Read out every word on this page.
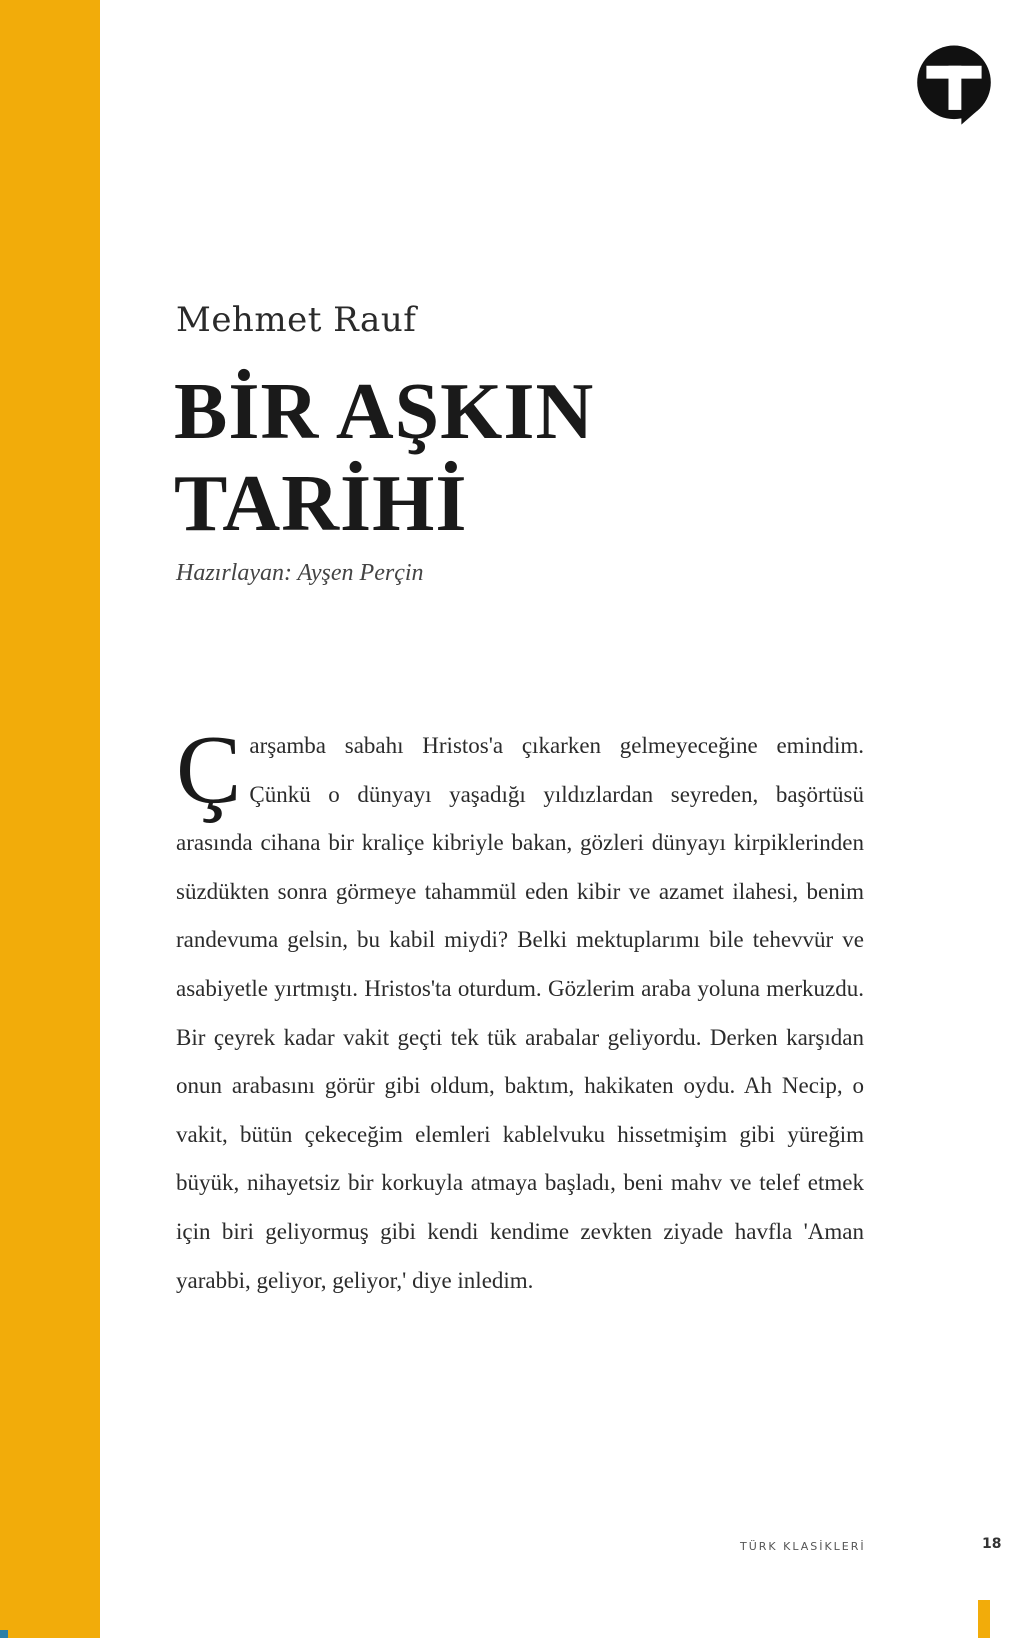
Mehmet Rauf

BİR AŞKIN
TARİHİ

Hazırlayan: Ayşen Perçin

Çarşamba sabahı Hristos'a çıkarken gelmeyeceğine emindim. Çünkü o dünyayı yaşadığı yıldızlardan seyreden, başörtüsü arasında cihana bir kraliçe kibriyle bakan, gözleri dünyayı kirpiklerinden süzdükten sonra görmeye tahammül eden kibir ve azamet ilahesi, benim randevuma gelsin, bu kabil miydi? Belki mektuplarımı bile tehevvür ve asabiyetle yırtmıştı. Hristos'ta oturdum. Gözlerim araba yoluna merkuzdu. Bir çeyrek kadar vakit geçti tek tük arabalar geliyordu. Derken karşıdan onun arabasını görür gibi oldum, baktım, hakikaten oydu. Ah Necip, o vakit, bütün çekeceğim elemleri kablelvuku hissetmişim gibi yüreğim büyük, nihayetsiz bir korkuyla atmaya başladı, beni mahv ve telef etmek için biri geliyormuş gibi kendi kendime zevkten ziyade havfla 'Aman yarabbi, geliyor, geliyor,' diye inledim.

TÜRK KLASİKLERİ	18
